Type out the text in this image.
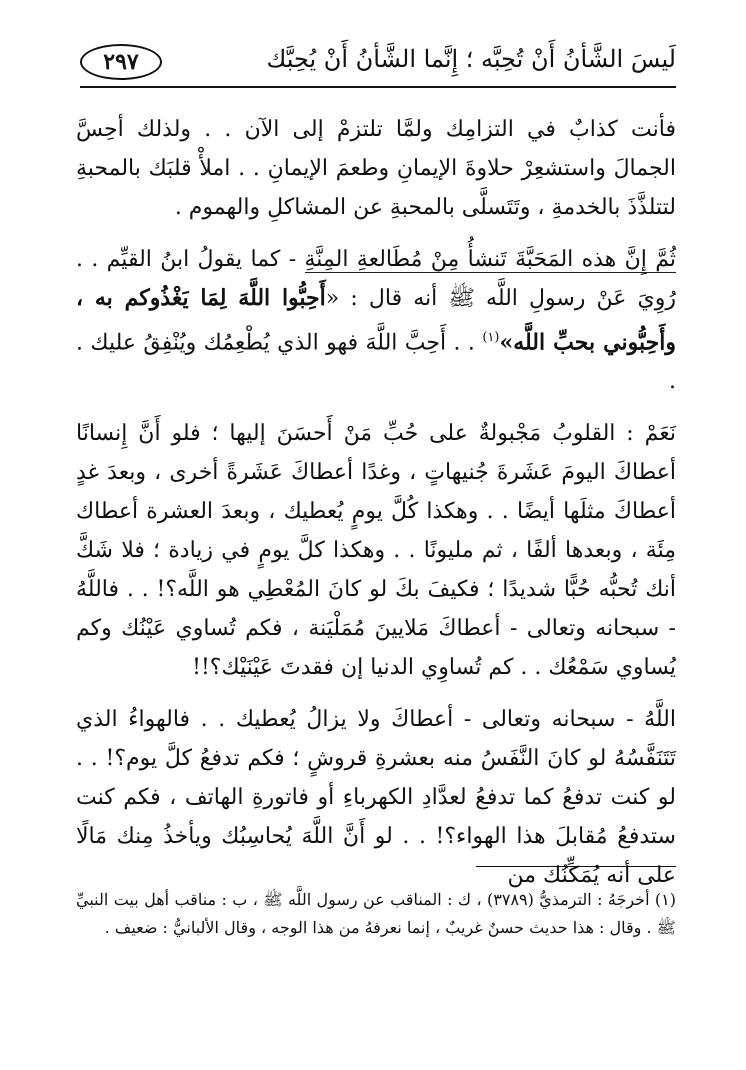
لَيسَ الشَّأنُ أَنْ تُحِبَّه ؛ إِنَّما الشَّأنُ أَنْ يُحِبَّك
٢٩٧

فأنت كذابٌ في التزامِك ولمَّا تلتزمْ إلى الآن . . ولذلك أحِسَّ الجمالَ واستشعِرْ حلاوةَ الإيمانِ وطعمَ الإيمانِ . . املأْ قلبَك بالمحبةِ لتتلذَّذَ بالخدمةِ ، وتَتَسلَّى بالمحبةِ عن المشاكلِ والهموم .

ثُمَّ إِنَّ هذه المَحَبَّةَ تَنشأُ مِنْ مُطَالعةِ المِنَّةِ - كما يقولُ ابنُ القيِّم . . رُوِيَ عَنْ رسولِ اللَّه ﷺ أنه قال : «أَحِبُّوا اللَّهَ لِمَا يَغْذُوكم به ، وأَحِبُّوني بحبِّ اللَّه»$^{(١)}$ . . أَحِبَّ اللَّهَ فهو الذي يُطْعِمُك ويُنْفِقُ عليك . .

نَعَمْ : القلوبُ مَجْبولةٌ على حُبِّ مَنْ أَحسَنَ إليها ؛ فلو أَنَّ إِنسانًا أعطاكَ اليومَ عَشَرةَ جُنيهاتٍ ، وغدًا أعطاكَ عَشَرةً أخرى ، وبعدَ غدٍ أعطاكَ مثلَها أيضًا . . وهكذا كُلَّ يومٍ يُعطيك ، وبعدَ العشرة أعطاك مِئَة ، وبعدها ألفًا ، ثم مليونًا . . وهكذا كلَّ يومٍ في زيادة ؛ فلا شَكَّ أنك تُحبُّه حُبًّا شديدًا ؛ فكيفَ بكَ لو كانَ المُعْطِي هو اللَّه؟! . . فاللَّهُ - سبحانه وتعالى - أعطاكَ مَلايينَ مُمَلْيَنة ، فكم تُساوي عَيْنُك وكم يُساوي سَمْعُك . . كم تُساوِي الدنيا إن فقدتَ عَيْنَيْك؟!!

اللَّهُ - سبحانه وتعالى - أعطاكَ ولا يزالُ يُعطيك . . فالهواءُ الذي تَتَنَفَّسُهُ لو كانَ النَّفَسُ منه بعشرةِ قروشٍ ؛ فكم تدفعُ كلَّ يوم؟! . . لو كنت تدفعُ كما تدفعُ لعدَّادِ الكهرباءِ أو فاتورةِ الهاتف ، فكم كنت ستدفعُ مُقابلَ هذا الهواء؟! . . لو أَنَّ اللَّهَ يُحاسِبُك ويأخذُ مِنك مَالًا على أنه يُمَكِّنُك من

(١) أخرجَهُ : الترمذيُّ (٣٧٨٩) ، ك : المناقب عن رسول اللَّه ﷺ ، ب : مناقب أهل بيت النبيِّ ﷺ . وقال : هذا حديث حسنٌ غريبٌ ، إنما نعرفهُ من هذا الوجه ، وقال الألبانيُّ : ضعيف .
